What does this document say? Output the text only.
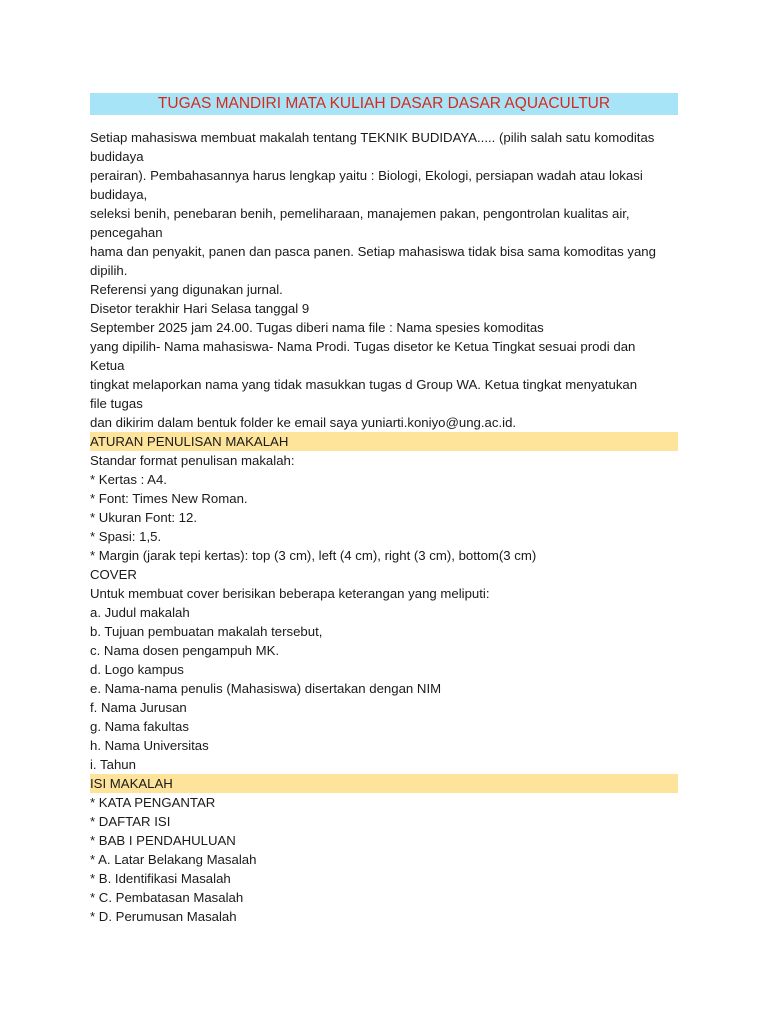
TUGAS MANDIRI MATA KULIAH DASAR DASAR AQUACULTUR
Setiap mahasiswa membuat makalah tentang TEKNIK BUDIDAYA..... (pilih salah satu komoditas
budidaya
perairan). Pembahasannya harus lengkap yaitu : Biologi, Ekologi, persiapan wadah atau lokasi
budidaya,
seleksi benih, penebaran benih, pemeliharaan, manajemen pakan, pengontrolan kualitas air,
pencegahan
hama dan penyakit, panen dan pasca panen. Setiap mahasiswa tidak bisa sama komoditas yang
dipilih.
Referensi yang digunakan jurnal.
Disetor terakhir Hari Selasa tanggal 9
September 2025 jam 24.00. Tugas diberi nama file : Nama spesies komoditas
yang dipilih- Nama mahasiswa- Nama Prodi. Tugas disetor ke Ketua Tingkat sesuai prodi dan
Ketua
tingkat melaporkan nama yang tidak masukkan tugas d Group WA. Ketua tingkat menyatukan
file tugas
dan dikirim dalam bentuk folder ke email saya yuniarti.koniyo@ung.ac.id.
ATURAN PENULISAN MAKALAH
Standar format penulisan makalah:
* Kertas : A4.
* Font: Times New Roman.
* Ukuran Font: 12.
* Spasi: 1,5.
* Margin (jarak tepi kertas): top (3 cm), left (4 cm), right (3 cm), bottom(3 cm)
COVER
Untuk membuat cover berisikan beberapa keterangan yang meliputi:
a. Judul makalah
b. Tujuan pembuatan makalah tersebut,
c. Nama dosen pengampuh MK.
d. Logo kampus
e. Nama-nama penulis (Mahasiswa) disertakan dengan NIM
f. Nama Jurusan
g. Nama fakultas
h. Nama Universitas
i. Tahun
ISI MAKALAH
* KATA PENGANTAR
* DAFTAR ISI
* BAB I PENDAHULUAN
* A. Latar Belakang Masalah
* B. Identifikasi Masalah
* C. Pembatasan Masalah
* D. Perumusan Masalah
